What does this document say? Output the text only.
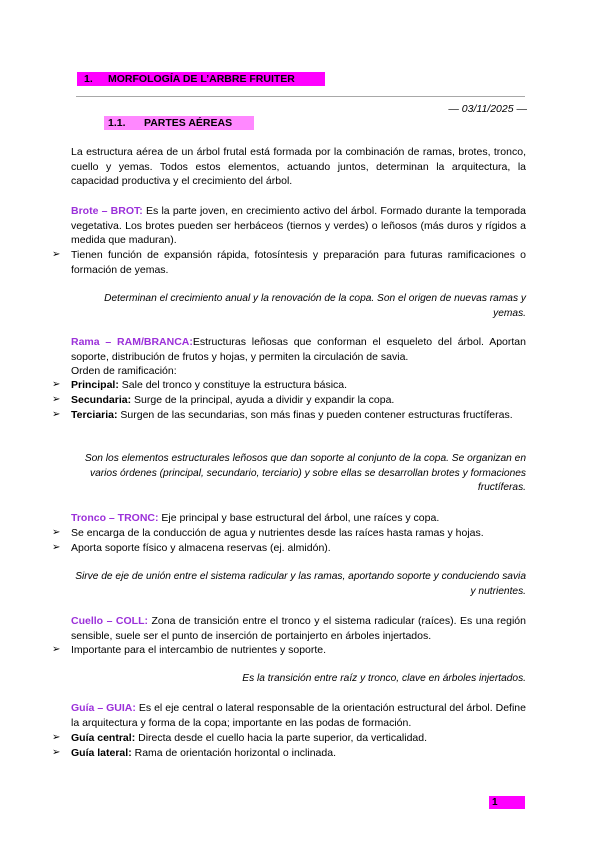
1. MORFOLOGÍA DE L’ARBRE FRUITER
— 03/11/2025 —
1.1. PARTES AÉREAS
La estructura aérea de un árbol frutal está formada por la combinación de ramas, brotes, tronco, cuello y yemas. Todos estos elementos, actuando juntos, determinan la arquitectura, la capacidad productiva y el crecimiento del árbol.
Brote – BROT: Es la parte joven, en crecimiento activo del árbol. Formado durante la temporada vegetativa. Los brotes pueden ser herbáceos (tiernos y verdes) o leñosos (más duros y rígidos a medida que maduran).
➢ Tienen función de expansión rápida, fotosíntesis y preparación para futuras ramificaciones o formación de yemas.
Determinan el crecimiento anual y la renovación de la copa. Son el origen de nuevas ramas y yemas.
Rama – RAM/BRANCA:Estructuras leñosas que conforman el esqueleto del árbol. Aportan soporte, distribución de frutos y hojas, y permiten la circulación de savia.
Orden de ramificación:
➢ Principal: Sale del tronco y constituye la estructura básica.
➢ Secundaria: Surge de la principal, ayuda a dividir y expandir la copa.
➢ Terciaria: Surgen de las secundarias, son más finas y pueden contener estructuras fructíferas.
Son los elementos estructurales leñosos que dan soporte al conjunto de la copa. Se organizan en varios órdenes (principal, secundario, terciario) y sobre ellas se desarrollan brotes y formaciones fructíferas.
Tronco – TRONC: Eje principal y base estructural del árbol, une raíces y copa.
➢ Se encarga de la conducción de agua y nutrientes desde las raíces hasta ramas y hojas.
➢ Aporta soporte físico y almacena reservas (ej. almidón).
Sirve de eje de unión entre el sistema radicular y las ramas, aportando soporte y conduciendo savia y nutrientes.
Cuello – COLL: Zona de transición entre el tronco y el sistema radicular (raíces). Es una región sensible, suele ser el punto de inserción de portainjerto en árboles injertados.
➢ Importante para el intercambio de nutrientes y soporte.
Es la transición entre raíz y tronco, clave en árboles injertados.
Guía – GUIA: Es el eje central o lateral responsable de la orientación estructural del árbol. Define la arquitectura y forma de la copa; importante en las podas de formación.
➢ Guía central: Directa desde el cuello hacia la parte superior, da verticalidad.
➢ Guía lateral: Rama de orientación horizontal o inclinada.
1
